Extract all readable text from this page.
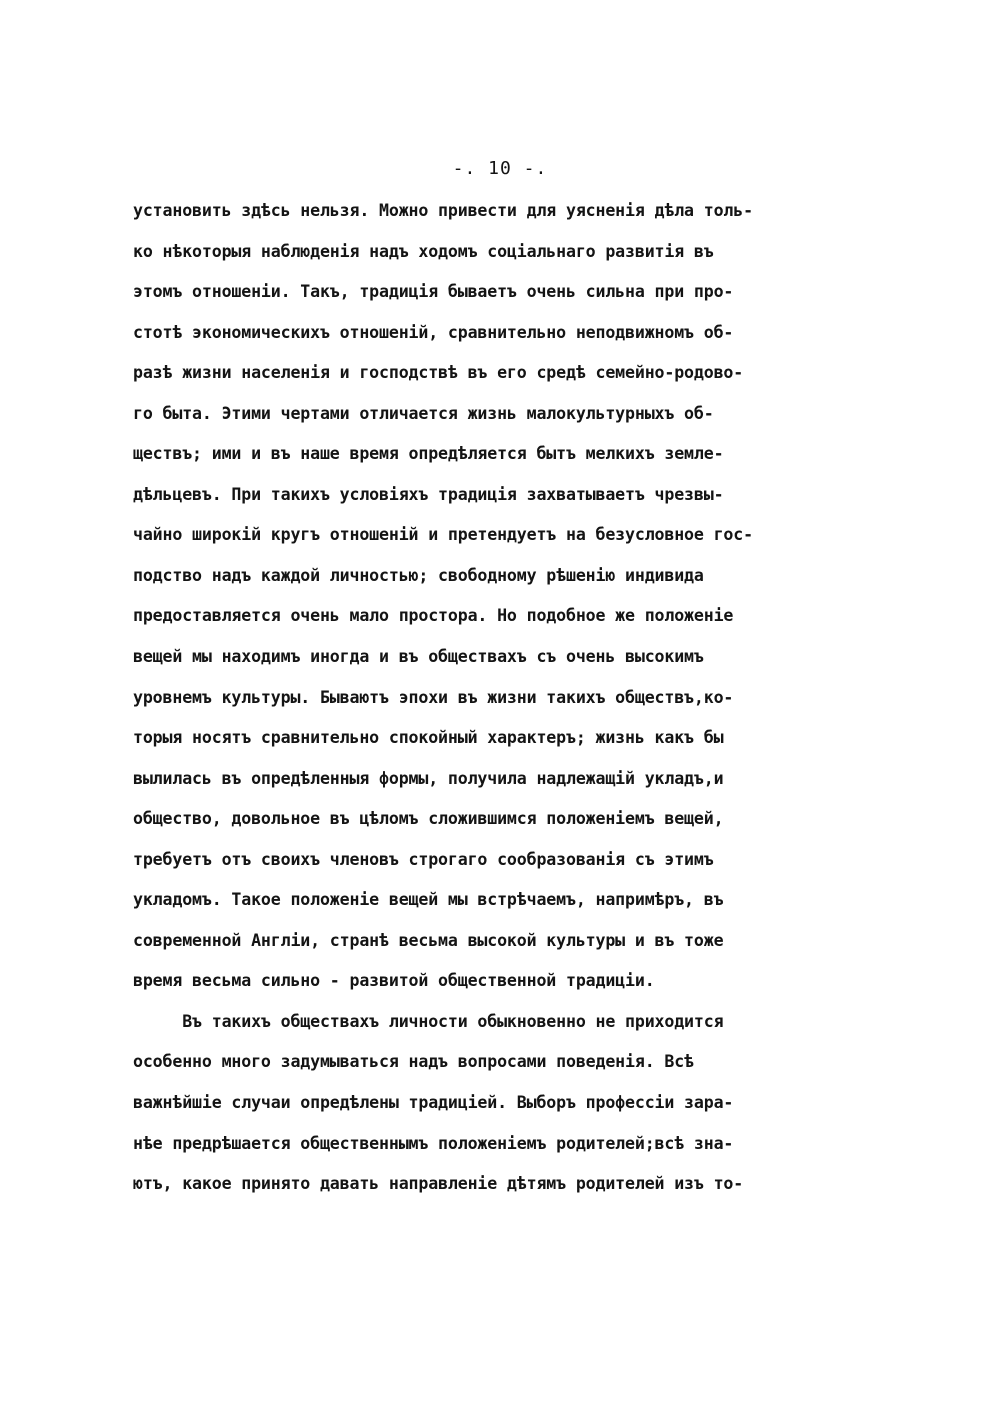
-. 10 -.
установить здѣсь нельзя. Можно привести для уясненія дѣла толь-
ко нѣкоторыя наблюденія надъ ходомъ соціальнаго развитія въ
этомъ отношеніи. Такъ, традиція бываетъ очень сильна при про-
стотѣ экономическихъ отношеній, сравнительно неподвижномъ об-
разѣ жизни населенія и господствѣ въ его средѣ семейно-родово-
го быта. Этими чертами отличается жизнь малокультурныхъ об-
ществъ; ими и въ наше время опредѣляется бытъ мелкихъ земле-
дѣльцевъ. При такихъ условіяхъ традиція захватываетъ чрезвы-
чайно широкій кругъ отношеній и претендуетъ на безусловное гос-
подство надъ каждой личностью; свободному рѣшенію индивида
предоставляется очень мало простора. Но подобное же положеніе
вещей мы находимъ иногда и въ обществахъ съ очень высокимъ
уровнемъ культуры. Бываютъ эпохи въ жизни такихъ обществъ,ко-
торыя носятъ сравнительно спокойный характеръ; жизнь какъ бы
вылилась въ опредѣленныя формы, получила надлежащій укладъ,и
общество, довольное въ цѣломъ сложившимся положеніемъ вещей,
требуетъ отъ своихъ членовъ строгаго сообразованія съ этимъ
укладомъ. Такое положеніе вещей мы встрѣчаемъ, напримѣръ, въ
современной Англіи, странѣ весьма высокой культуры и въ тоже
время весьма сильно - развитой общественной традиціи.
Въ такихъ обществахъ личности обыкновенно не приходится
особенно много задумываться надъ вопросами поведенія. Всѣ
важнѣйшіе случаи опредѣлены традиціей. Выборъ профессіи зара-
нѣе предрѣшается общественнымъ положеніемъ родителей;всѣ зна-
ютъ, какое принято давать направленіе дѣтямъ родителей изъ то-
